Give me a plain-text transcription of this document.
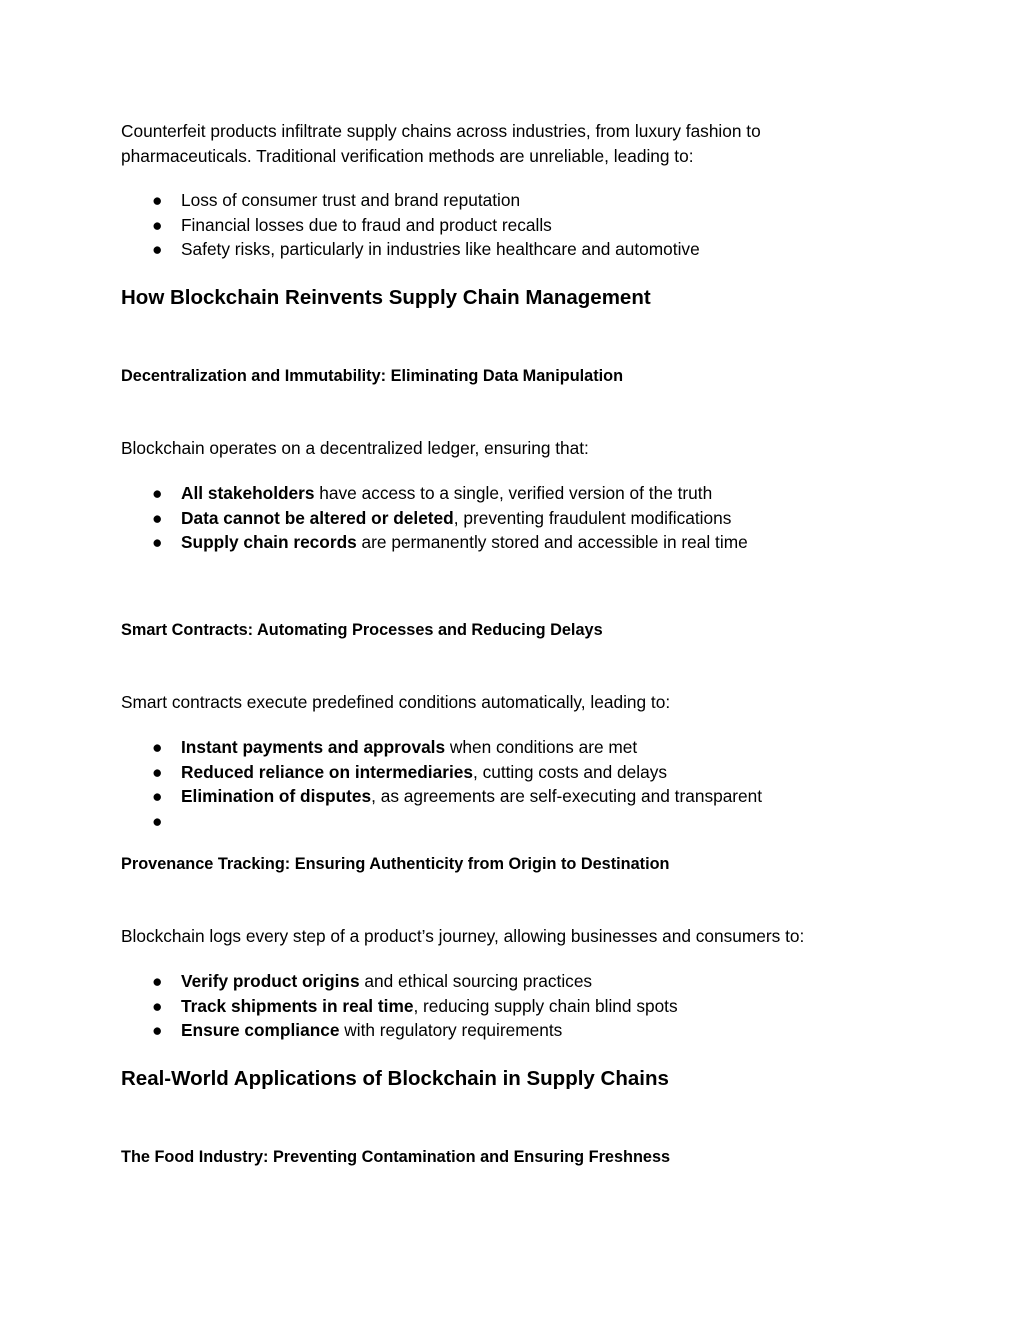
Counterfeit products infiltrate supply chains across industries, from luxury fashion to
pharmaceuticals. Traditional verification methods are unreliable, leading to:

● Loss of consumer trust and brand reputation
● Financial losses due to fraud and product recalls
● Safety risks, particularly in industries like healthcare and automotive
How Blockchain Reinvents Supply Chain Management
Decentralization and Immutability: Eliminating Data Manipulation

Blockchain operates on a decentralized ledger, ensuring that:

● All stakeholders have access to a single, verified version of the truth
● Data cannot be altered or deleted, preventing fraudulent modifications
● Supply chain records are permanently stored and accessible in real time
Smart Contracts: Automating Processes and Reducing Delays

Smart contracts execute predefined conditions automatically, leading to:

● Instant payments and approvals when conditions are met
● Reduced reliance on intermediaries, cutting costs and delays
● Elimination of disputes, as agreements are self-executing and transparent
●
Provenance Tracking: Ensuring Authenticity from Origin to Destination

Blockchain logs every step of a product’s journey, allowing businesses and consumers to:

● Verify product origins and ethical sourcing practices
● Track shipments in real time, reducing supply chain blind spots
● Ensure compliance with regulatory requirements
Real-World Applications of Blockchain in Supply Chains
The Food Industry: Preventing Contamination and Ensuring Freshness
